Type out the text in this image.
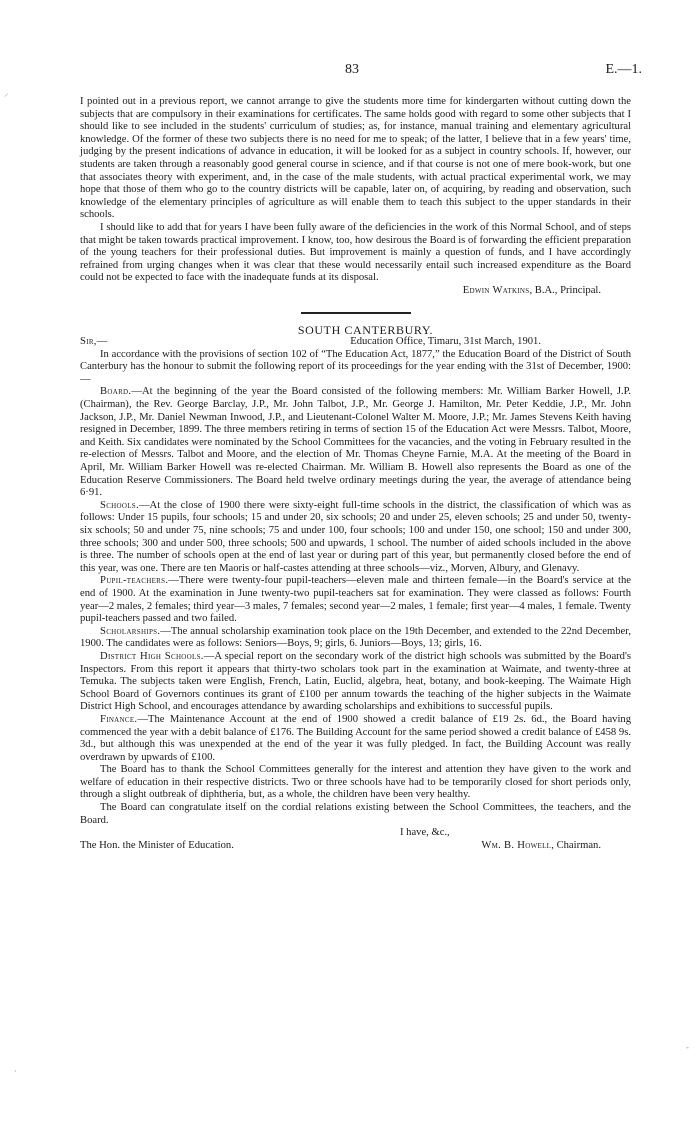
83	E.—1.

I pointed out in a previous report, we cannot arrange to give the students more time for kindergarten without cutting down the subjects that are compulsory in their examinations for certificates. The same holds good with regard to some other subjects that I should like to see included in the students' curriculum of studies; as, for instance, manual training and elementary agricultural knowledge. Of the former of these two subjects there is no need for me to speak; of the latter, I believe that in a few years' time, judging by the present indications of advance in education, it will be looked for as a subject in country schools. If, however, our students are taken through a reasonably good general course in science, and if that course is not one of mere book-work, but one that associates theory with experiment, and, in the case of the male students, with actual practical experimental work, we may hope that those of them who go to the country districts will be capable, later on, of acquiring, by reading and observation, such knowledge of the elementary principles of agriculture as will enable them to teach this subject to the upper standards in their schools.

I should like to add that for years I have been fully aware of the deficiencies in the work of this Normal School, and of steps that might be taken towards practical improvement. I know, too, how desirous the Board is of forwarding the efficient preparation of the young teachers for their professional duties. But improvement is mainly a question of funds, and I have accordingly refrained from urging changes when it was clear that these would necessarily entail such increased expenditure as the Board could not be expected to face with the inadequate funds at its disposal.

Edwin Watkins, B.A., Principal.

SOUTH CANTERBURY.

Sir,—	Education Office, Timaru, 31st March, 1901.

In accordance with the provisions of section 102 of “The Education Act, 1877,” the Education Board of the District of South Canterbury has the honour to submit the following report of its proceedings for the year ending with the 31st of December, 1900:—

Board.—At the beginning of the year the Board consisted of the following members: Mr. William Barker Howell, J.P. (Chairman), the Rev. George Barclay, J.P., Mr. John Talbot, J.P., Mr. George J. Hamilton, Mr. Peter Keddie, J.P., Mr. John Jackson, J.P., Mr. Daniel Newman Inwood, J.P., and Lieutenant-Colonel Walter M. Moore, J.P.; Mr. James Stevens Keith having resigned in December, 1899. The three members retiring in terms of section 15 of the Education Act were Messrs. Talbot, Moore, and Keith. Six candidates were nominated by the School Committees for the vacancies, and the voting in February resulted in the re-election of Messrs. Talbot and Moore, and the election of Mr. Thomas Cheyne Farnie, M.A. At the meeting of the Board in April, Mr. William Barker Howell was re-elected Chairman. Mr. William B. Howell also represents the Board as one of the Education Reserve Commissioners. The Board held twelve ordinary meetings during the year, the average of attendance being 6·91.

Schools.—At the close of 1900 there were sixty-eight full-time schools in the district, the classification of which was as follows: Under 15 pupils, four schools; 15 and under 20, six schools; 20 and under 25, eleven schools; 25 and under 50, twenty-six schools; 50 and under 75, nine schools; 75 and under 100, four schools; 100 and under 150, one school; 150 and under 300, three schools; 300 and under 500, three schools; 500 and upwards, 1 school. The number of aided schools included in the above is three. The number of schools open at the end of last year or during part of this year, but permanently closed before the end of this year, was one. There are ten Maoris or half-castes attending at three schools—viz., Morven, Albury, and Glenavy.

Pupil-teachers.—There were twenty-four pupil-teachers—eleven male and thirteen female—in the Board's service at the end of 1900. At the examination in June twenty-two pupil-teachers sat for examination. They were classed as follows: Fourth year—2 males, 2 females; third year—3 males, 7 females; second year—2 males, 1 female; first year—4 males, 1 female. Twenty pupil-teachers passed and two failed.

Scholarships.—The annual scholarship examination took place on the 19th December, and extended to the 22nd December, 1900. The candidates were as follows: Seniors—Boys, 9; girls, 6. Juniors—Boys, 13; girls, 16.

District High Schools.—A special report on the secondary work of the district high schools was submitted by the Board's Inspectors. From this report it appears that thirty-two scholars took part in the examination at Waimate, and twenty-three at Temuka. The subjects taken were English, French, Latin, Euclid, algebra, heat, botany, and book-keeping. The Waimate High School Board of Governors continues its grant of £100 per annum towards the teaching of the higher subjects in the Waimate District High School, and encourages attendance by awarding scholarships and exhibitions to successful pupils.

Finance.—The Maintenance Account at the end of 1900 showed a credit balance of £19 2s. 6d., the Board having commenced the year with a debit balance of £176. The Building Account for the same period showed a credit balance of £458 9s. 3d., but although this was unexpended at the end of the year it was fully pledged. In fact, the Building Account was really overdrawn by upwards of £100.

The Board has to thank the School Committees generally for the interest and attention they have given to the work and welfare of education in their respective districts. Two or three schools have had to be temporarily closed for short periods only, through a slight outbreak of diphtheria, but, as a whole, the children have been very healthy.

The Board can congratulate itself on the cordial relations existing between the School Committees, the teachers, and the Board.

I have, &c.,
The Hon. the Minister of Education.	Wm. B. Howell, Chairman.
⸝
·
-
